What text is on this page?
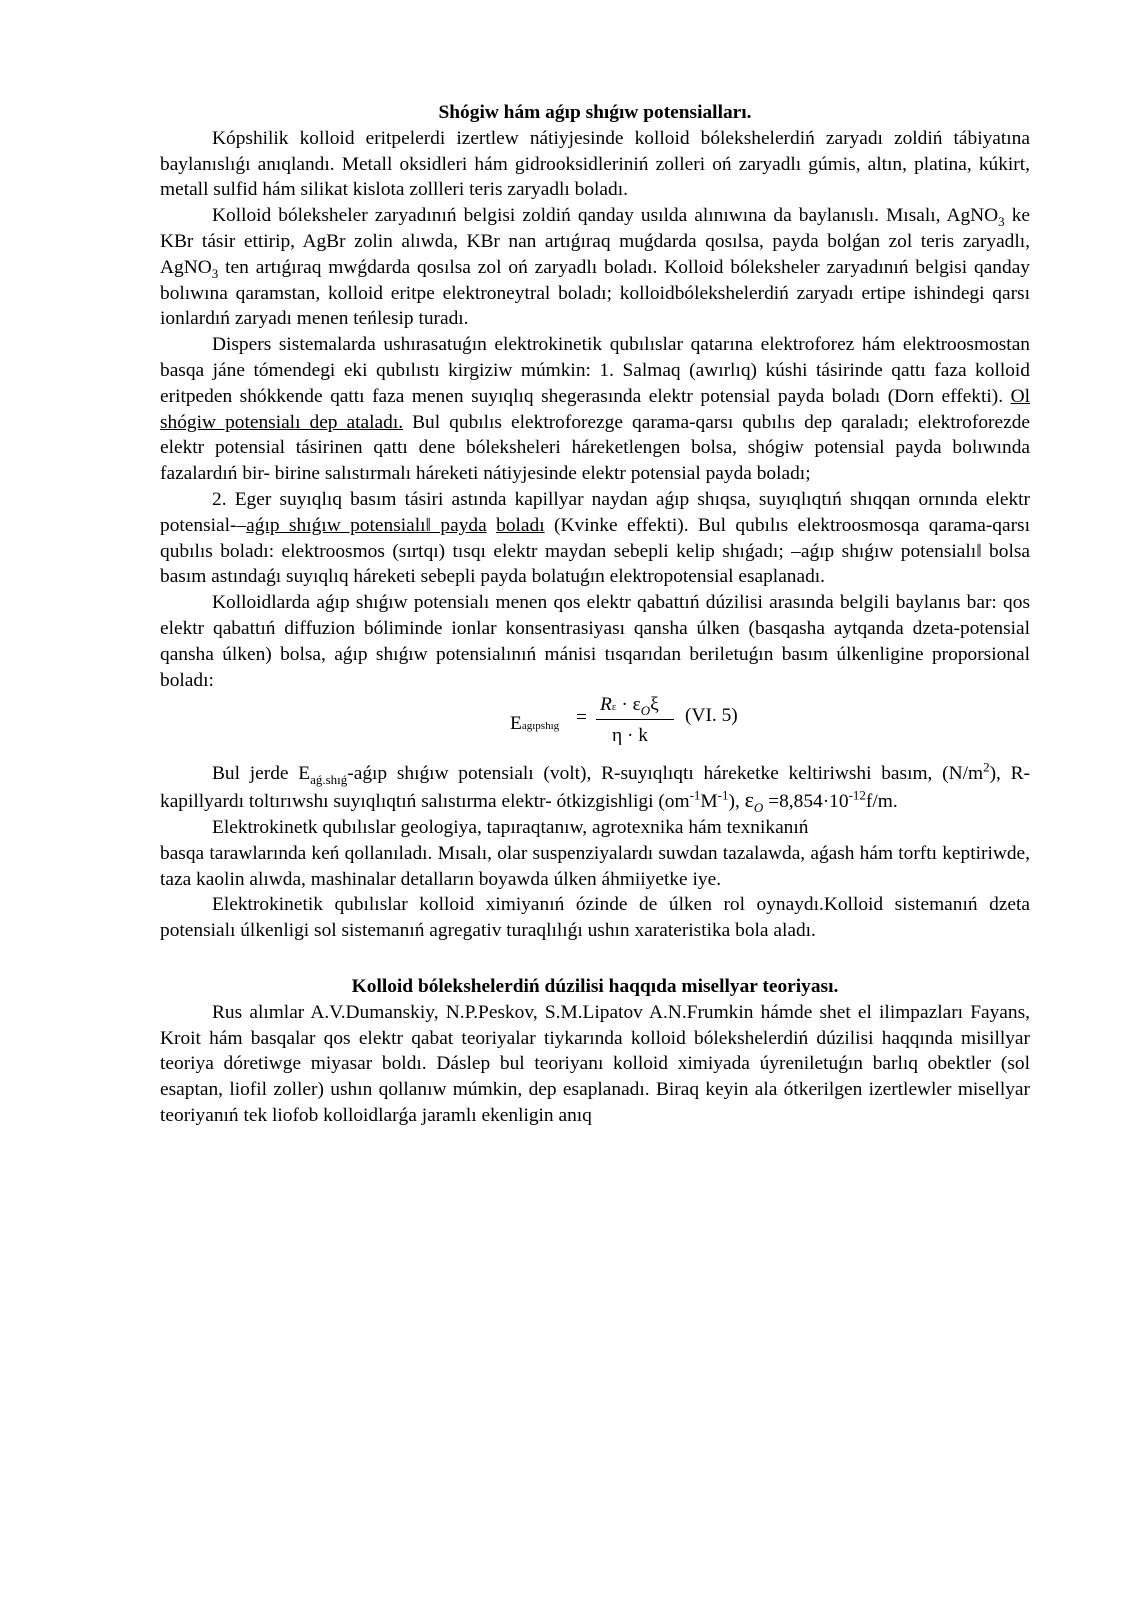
Shógiw hám aǵıp shıǵıw potensialları.

Kópshilik kolloid eritpelerdi izertlew nátiyjesinde kolloid bólekshelerdiń zaryadı zoldiń tábiyatına baylanıslıǵı anıqlandı. Metall oksidleri hám gidrooksidleriniń zolleri oń zaryadlı gúmis, altın, platina, kúkirt, metall sulfid hám silikat kislota zollleri teris zaryadlı boladı.

Kolloid bóleksheler zaryadınıń belgisi zoldiń qanday usılda alınıwına da baylanıslı. Mısalı, AgNO$_3$ ke KBr tásir ettirip, AgBr zolin alıwda, KBr nan artıǵıraq muǵdarda qosılsa, payda bolǵan zol teris zaryadlı, AgNO$_3$ ten artıǵıraq mwǵdarda qosılsa zol oń zaryadlı boladı. Kolloid bóleksheler zaryadınıń belgisi qanday bolıwına qaramstan, kolloid eritpe elektroneytral boladı; kolloidbólekshelerdiń zaryadı ertipe ishindegi qarsı ionlardıń zaryadı menen teńlesip turadı.

Dispers sistemalarda ushırasatuǵın elektrokinetik qubılıslar qatarına elektroforez hám elektroosmostan basqa jáne tómendegi eki qubılıstı kirgiziw múmkin: 1. Salmaq (awırlıq) kúshi tásirinde qattı faza kolloid eritpeden shókkende qattı faza menen suyıqlıq shegerasında elektr potensial payda boladı (Dorn effekti). Ol shógiw potensialı dep ataladı. Bul qubılıs elektroforezge qarama-qarsı qubılıs dep qaraladı; elektroforezde elektr potensial tásirinen qattı dene bóleksheleri háreketlengen bolsa, shógiw potensial payda bolıwında fazalardıń bir- birine salıstırmalı háreketi nátiyjesinde elektr potensial payda boladı;

2. Eger suyıqlıq basım tásiri astında kapillyar naydan aǵıp shıqsa, suyıqlıqtıń shıqqan ornında elektr potensial-‒aǵıp shıǵıw potensialı‖ payda boladı (Kvinke effekti). Bul qubılıs elektroosmosqa qarama-qarsı qubılıs boladı: elektroosmos (sırtqı) tısqı elektr maydan sebepli kelip shıǵadı; ‒aǵıp shıǵıw potensialı‖ bolsa basım astındaǵı suyıqlıq háreketi sebepli payda bolatuǵın elektropotensial esaplanadı.

Kolloidlarda aǵıp shıǵıw potensialı menen qos elektr qabattıń dúzilisi arasında belgili baylanıs bar: qos elektr qabattıń diffuzion bóliminde ionlar konsentrasiyası qansha úlken (basqasha aytqanda dzeta-potensial qansha úlken) bolsa, aǵıp shıǵıw potensialınıń mánisi tısqarıdan beriletuǵın basım úlkenligine proporsional boladı:

Eagıpshıg =
$R\varepsilon \cdot \varepsilon_O\xi$
η · k
(VI. 5)

Bul jerde $E_{aǵ.shıǵ}$-aǵıp shıǵıw potensialı (volt), R-suyıqlıqtı háreketke keltiriwshi basım, $(N/m^2)$, R-kapillyardı toltırıwshı suyıqlıqtıń salıstırma elektr- ótkizgishligi $(om^{-1}M^{-1})$, $\varepsilon_O =8,854\cdot 10^{-12}f/m$.

Elektrokinetk qubılıslar geologiya, tapıraqtanıw, agrotexnika hám texnikanıń

basqa tarawlarında keń qollanıladı. Mısalı, olar suspenziyalardı suwdan tazalawda, aǵash hám torftı keptiriwde, taza kaolin alıwda, mashinalar detalların boyawda úlken áhmiiyetke iye.

Elektrokinetik qubılıslar kolloid ximiyanıń ózinde de úlken rol oynaydı.Kolloid sistemanıń dzeta potensialı úlkenligi sol sistemanıń agregativ turaqlılıǵı ushın xarateristika bola aladı.

Kolloid bólekshelerdiń dúzilisi haqqıda misellyar teoriyası.

Rus alımlar A.V.Dumanskiy, N.P.Peskov, S.M.Lipatov A.N.Frumkin hámde shet el ilimpazları Fayans, Kroit hám basqalar qos elektr qabat teoriyalar tiykarında kolloid bólekshelerdiń dúzilisi haqqında misillyar teoriya dóretiwge miyasar boldı. Dáslep bul teoriyanı kolloid ximiyada úyreniletuǵın barlıq obektler (sol esaptan, liofil zoller) ushın qollanıw múmkin, dep esaplanadı. Biraq keyin ala ótkerilgen izertlewler misellyar teoriyanıń tek liofob kolloidlarǵa jaramlı ekenligin anıq
